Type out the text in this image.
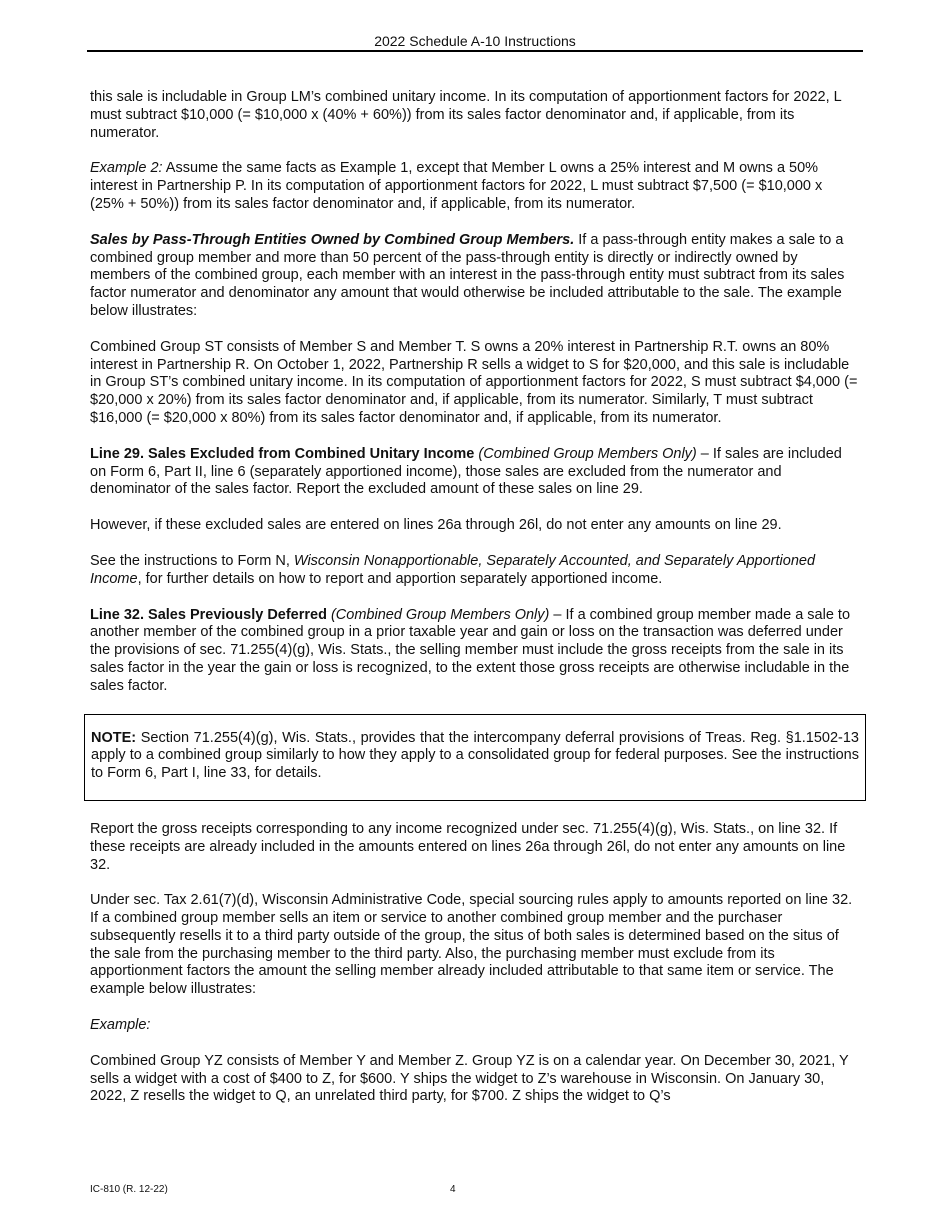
2022 Schedule A-10 Instructions

this sale is includable in Group LM’s combined unitary income. In its computation of apportionment factors for 2022, L must subtract $10,000 (= $10,000 x (40% + 60%)) from its sales factor denominator and, if applicable, from its numerator.

Example 2: Assume the same facts as Example 1, except that Member L owns a 25% interest and M owns a 50% interest in Partnership P. In its computation of apportionment factors for 2022, L must subtract $7,500 (= $10,000 x (25% + 50%)) from its sales factor denominator and, if applicable, from its numerator.

Sales by Pass-Through Entities Owned by Combined Group Members. If a pass-through entity makes a sale to a combined group member and more than 50 percent of the pass-through entity is directly or indirectly owned by members of the combined group, each member with an interest in the pass-through entity must subtract from its sales factor numerator and denominator any amount that would otherwise be included attributable to the sale. The example below illustrates:

Combined Group ST consists of Member S and Member T. S owns a 20% interest in Partnership R.T. owns an 80% interest in Partnership R. On October 1, 2022, Partnership R sells a widget to S for $20,000, and this sale is includable in Group ST’s combined unitary income. In its computation of apportionment factors for 2022, S must subtract $4,000 (= $20,000 x 20%) from its sales factor denominator and, if applicable, from its numerator. Similarly, T must subtract $16,000 (= $20,000 x 80%) from its sales factor denominator and, if applicable, from its numerator.

Line 29. Sales Excluded from Combined Unitary Income (Combined Group Members Only) – If sales are included on Form 6, Part II, line 6 (separately apportioned income), those sales are excluded from the numerator and denominator of the sales factor. Report the excluded amount of these sales on line 29.

However, if these excluded sales are entered on lines 26a through 26l, do not enter any amounts on line 29.

See the instructions to Form N, Wisconsin Nonapportionable, Separately Accounted, and Separately Apportioned Income, for further details on how to report and apportion separately apportioned income.

Line 32. Sales Previously Deferred (Combined Group Members Only) – If a combined group member made a sale to another member of the combined group in a prior taxable year and gain or loss on the transaction was deferred under the provisions of sec. 71.255(4)(g), Wis. Stats., the selling member must include the gross receipts from the sale in its sales factor in the year the gain or loss is recognized, to the extent those gross receipts are otherwise includable in the sales factor.

NOTE: Section 71.255(4)(g), Wis. Stats., provides that the intercompany deferral provisions of Treas. Reg. §1.1502-13 apply to a combined group similarly to how they apply to a consolidated group for federal purposes. See the instructions to Form 6, Part I, line 33, for details.

Report the gross receipts corresponding to any income recognized under sec. 71.255(4)(g), Wis. Stats., on line 32. If these receipts are already included in the amounts entered on lines 26a through 26l, do not enter any amounts on line 32.

Under sec. Tax 2.61(7)(d), Wisconsin Administrative Code, special sourcing rules apply to amounts reported on line 32. If a combined group member sells an item or service to another combined group member and the purchaser subsequently resells it to a third party outside of the group, the situs of both sales is determined based on the situs of the sale from the purchasing member to the third party. Also, the purchasing member must exclude from its apportionment factors the amount the selling member already included attributable to that same item or service. The example below illustrates:

Example:

Combined Group YZ consists of Member Y and Member Z. Group YZ is on a calendar year. On December 30, 2021, Y sells a widget with a cost of $400 to Z, for $600. Y ships the widget to Z’s warehouse in Wisconsin. On January 30, 2022, Z resells the widget to Q, an unrelated third party, for $700. Z ships the widget to Q’s

IC-810 (R. 12-22)	4
